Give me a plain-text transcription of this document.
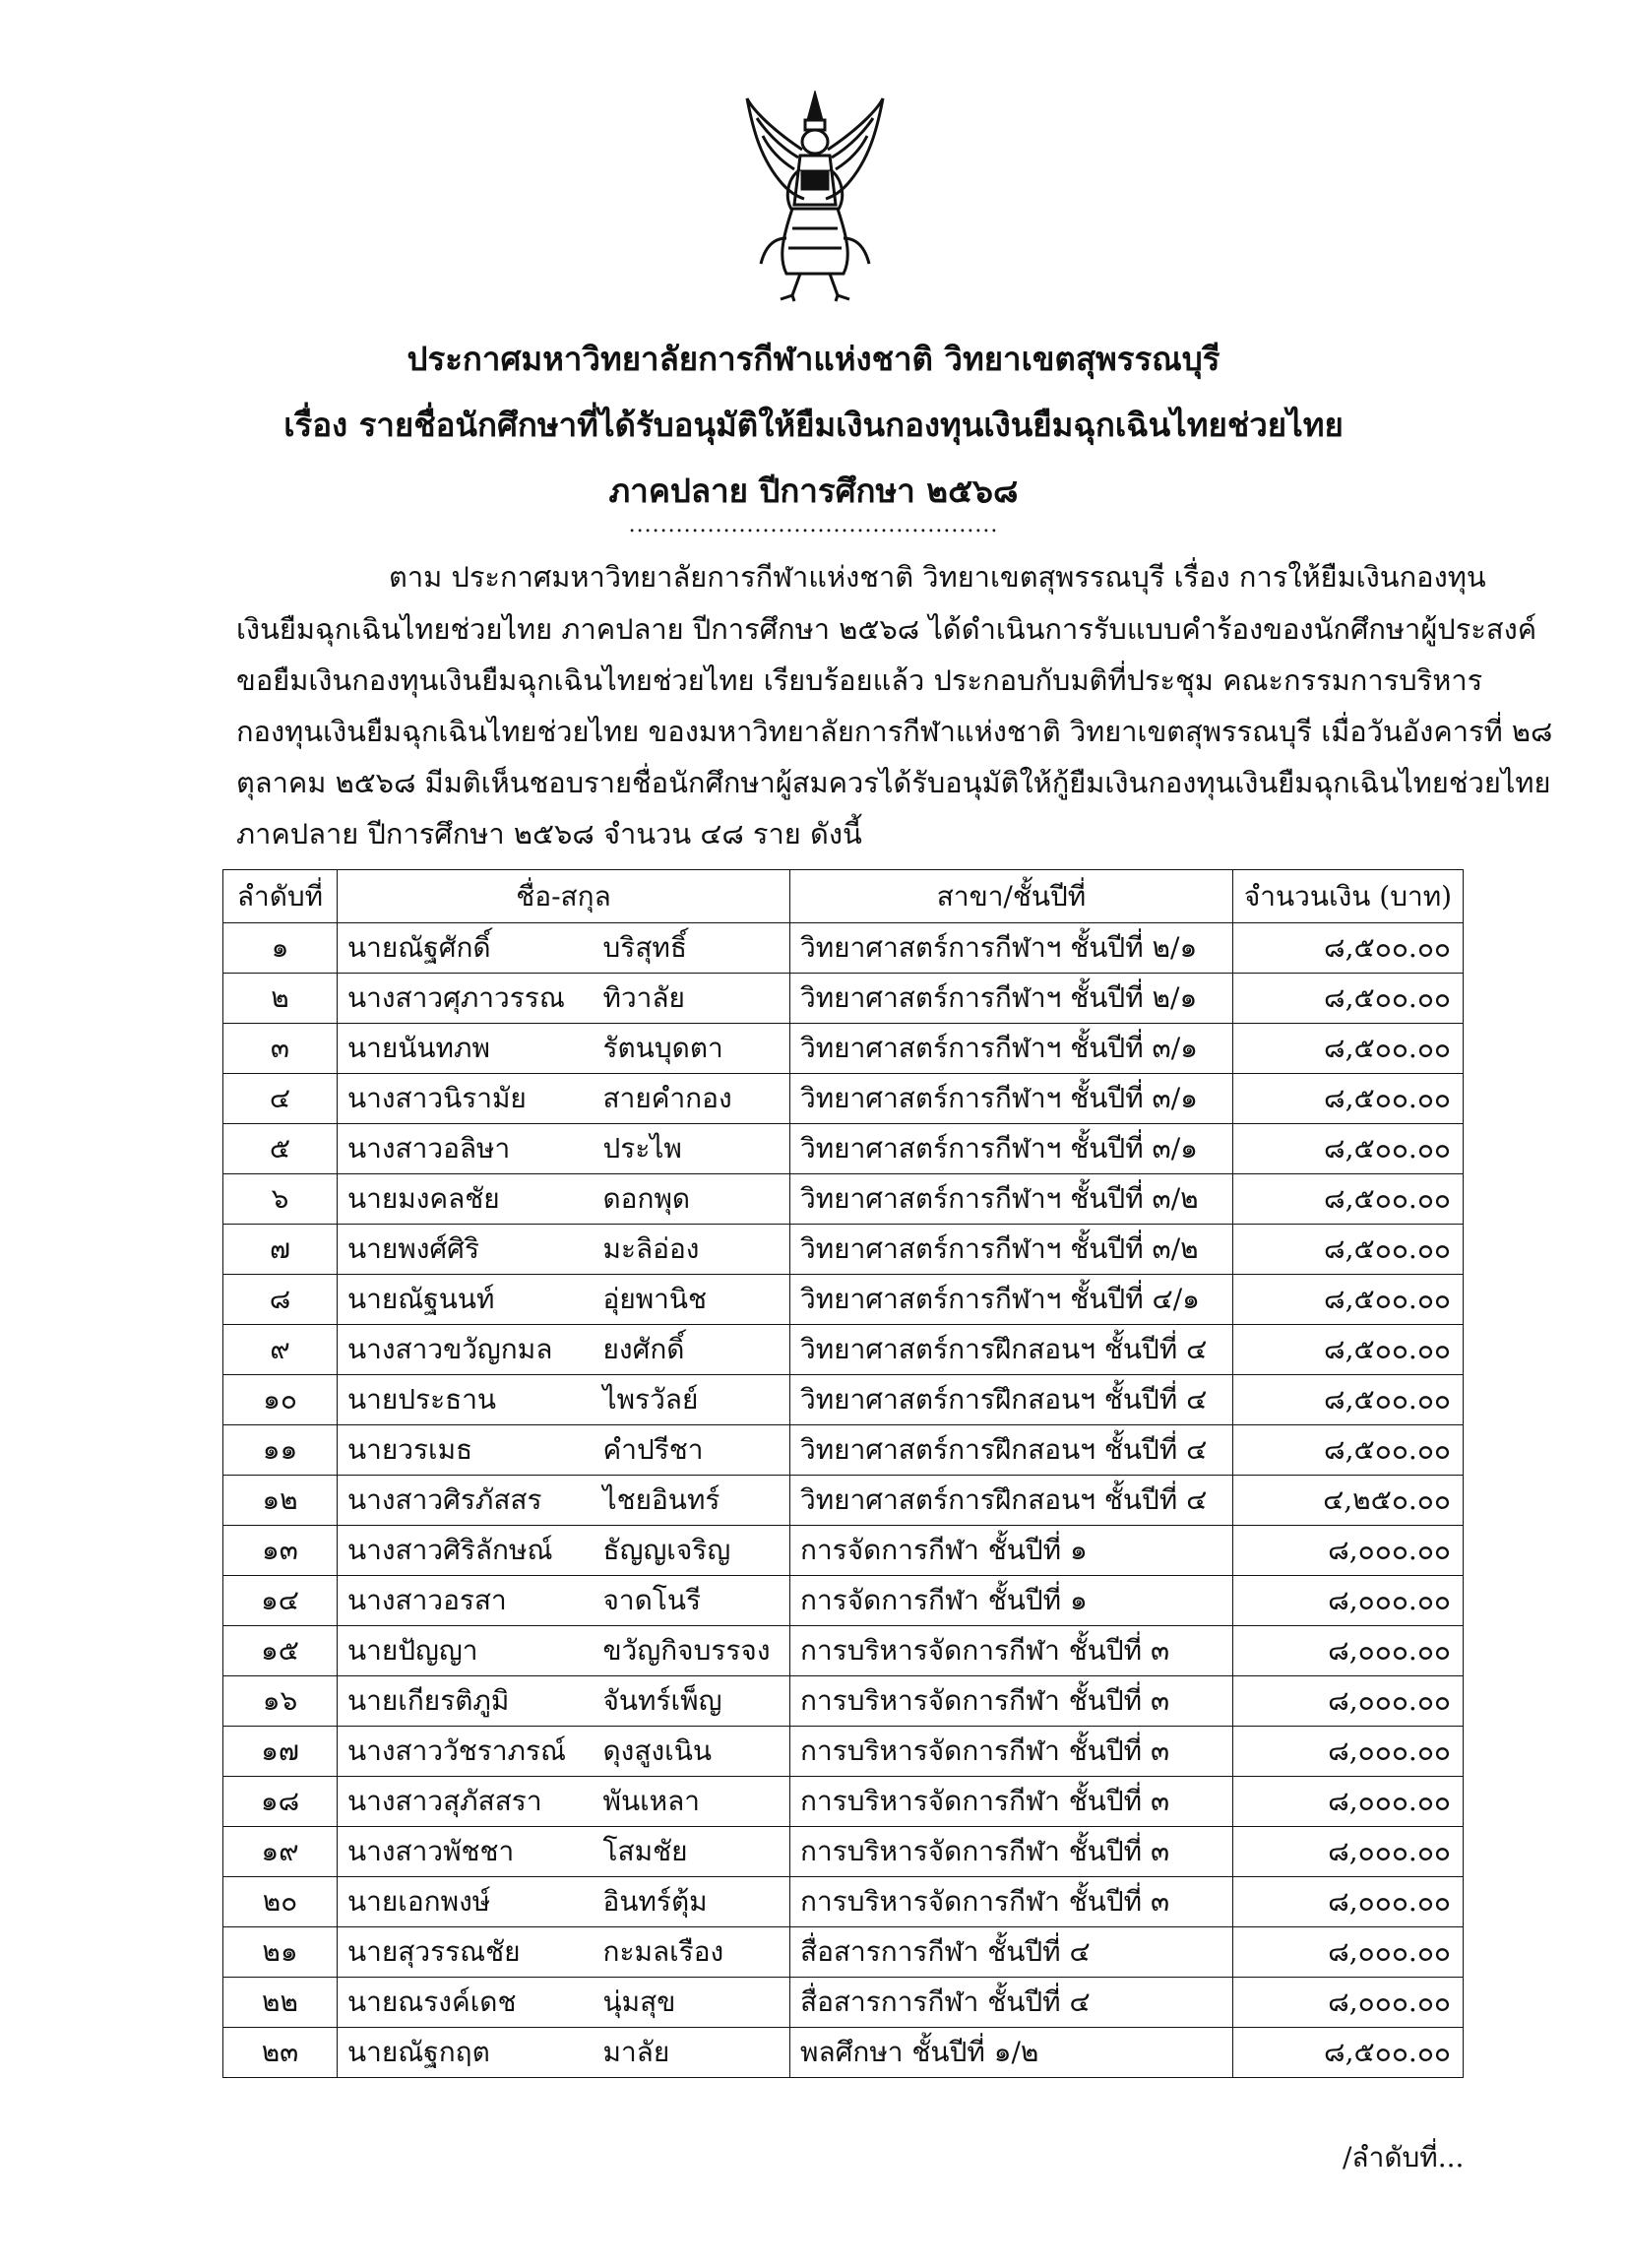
ประกาศมหาวิทยาลัยการกีฬาแห่งชาติ วิทยาเขตสุพรรณบุรี
เรื่อง รายชื่อนักศึกษาที่ได้รับอนุมัติให้ยืมเงินกองทุนเงินยืมฉุกเฉินไทยช่วยไทย
ภาคปลาย ปีการศึกษา ๒๕๖๘
...............................................
ตาม ประกาศมหาวิทยาลัยการกีฬาแห่งชาติ วิทยาเขตสุพรรณบุรี เรื่อง การให้ยืมเงินกองทุน
เงินยืมฉุกเฉินไทยช่วยไทย ภาคปลาย ปีการศึกษา ๒๕๖๘ ได้ดำเนินการรับแบบคำร้องของนักศึกษาผู้ประสงค์
ขอยืมเงินกองทุนเงินยืมฉุกเฉินไทยช่วยไทย เรียบร้อยแล้ว ประกอบกับมติที่ประชุม คณะกรรมการบริหาร
กองทุนเงินยืมฉุกเฉินไทยช่วยไทย ของมหาวิทยาลัยการกีฬาแห่งชาติ วิทยาเขตสุพรรณบุรี เมื่อวันอังคารที่ ๒๘
ตุลาคม ๒๕๖๘ มีมติเห็นชอบรายชื่อนักศึกษาผู้สมควรได้รับอนุมัติให้กู้ยืมเงินกองทุนเงินยืมฉุกเฉินไทยช่วยไทย
ภาคปลาย ปีการศึกษา ๒๕๖๘ จำนวน ๔๘ ราย ดังนี้
ลำดับที่	ชื่อ-สกุล		สาขา/ชั้นปีที่	จำนวนเงิน (บาท)
๑	นายณัฐศักดิ์	บริสุทธิ์	วิทยาศาสตร์การกีฬาฯ ชั้นปีที่ ๒/๑	๘,๕๐๐.๐๐
๒	นางสาวศุภาวรรณ	ทิวาลัย	วิทยาศาสตร์การกีฬาฯ ชั้นปีที่ ๒/๑	๘,๕๐๐.๐๐
๓	นายนันทภพ	รัตนบุดตา	วิทยาศาสตร์การกีฬาฯ ชั้นปีที่ ๓/๑	๘,๕๐๐.๐๐
๔	นางสาวนิรามัย	สายคำกอง	วิทยาศาสตร์การกีฬาฯ ชั้นปีที่ ๓/๑	๘,๕๐๐.๐๐
๕	นางสาวอลิษา	ประไพ	วิทยาศาสตร์การกีฬาฯ ชั้นปีที่ ๓/๑	๘,๕๐๐.๐๐
๖	นายมงคลชัย	ดอกพุด	วิทยาศาสตร์การกีฬาฯ ชั้นปีที่ ๓/๒	๘,๕๐๐.๐๐
๗	นายพงศ์ศิริ	มะลิอ่อง	วิทยาศาสตร์การกีฬาฯ ชั้นปีที่ ๓/๒	๘,๕๐๐.๐๐
๘	นายณัฐนนท์	อุ่ยพานิช	วิทยาศาสตร์การกีฬาฯ ชั้นปีที่ ๔/๑	๘,๕๐๐.๐๐
๙	นางสาวขวัญกมล	ยงศักดิ์	วิทยาศาสตร์การฝึกสอนฯ ชั้นปีที่ ๔	๘,๕๐๐.๐๐
๑๐	นายประธาน	ไพรวัลย์	วิทยาศาสตร์การฝึกสอนฯ ชั้นปีที่ ๔	๘,๕๐๐.๐๐
๑๑	นายวรเมธ	คำปรีชา	วิทยาศาสตร์การฝึกสอนฯ ชั้นปีที่ ๔	๘,๕๐๐.๐๐
๑๒	นางสาวศิรภัสสร	ไชยอินทร์	วิทยาศาสตร์การฝึกสอนฯ ชั้นปีที่ ๔	๔,๒๕๐.๐๐
๑๓	นางสาวศิริลักษณ์	ธัญญเจริญ	การจัดการกีฬา ชั้นปีที่ ๑	๘,๐๐๐.๐๐
๑๔	นางสาวอรสา	จาดโนรี	การจัดการกีฬา ชั้นปีที่ ๑	๘,๐๐๐.๐๐
๑๕	นายปัญญา	ขวัญกิจบรรจง	การบริหารจัดการกีฬา ชั้นปีที่ ๓	๘,๐๐๐.๐๐
๑๖	นายเกียรติภูมิ	จันทร์เพ็ญ	การบริหารจัดการกีฬา ชั้นปีที่ ๓	๘,๐๐๐.๐๐
๑๗	นางสาววัชราภรณ์	ดุงสูงเนิน	การบริหารจัดการกีฬา ชั้นปีที่ ๓	๘,๐๐๐.๐๐
๑๘	นางสาวสุภัสสรา	พันเหลา	การบริหารจัดการกีฬา ชั้นปีที่ ๓	๘,๐๐๐.๐๐
๑๙	นางสาวพัชชา	โสมชัย	การบริหารจัดการกีฬา ชั้นปีที่ ๓	๘,๐๐๐.๐๐
๒๐	นายเอกพงษ์	อินทร์ตุ้ม	การบริหารจัดการกีฬา ชั้นปีที่ ๓	๘,๐๐๐.๐๐
๒๑	นายสุวรรณชัย	กะมลเรือง	สื่อสารการกีฬา ชั้นปีที่ ๔	๘,๐๐๐.๐๐
๒๒	นายณรงค์เดช	นุ่มสุข	สื่อสารการกีฬา ชั้นปีที่ ๔	๘,๐๐๐.๐๐
๒๓	นายณัฐกฤต	มาลัย	พลศึกษา ชั้นปีที่ ๑/๒	๘,๕๐๐.๐๐
/ลำดับที่...
